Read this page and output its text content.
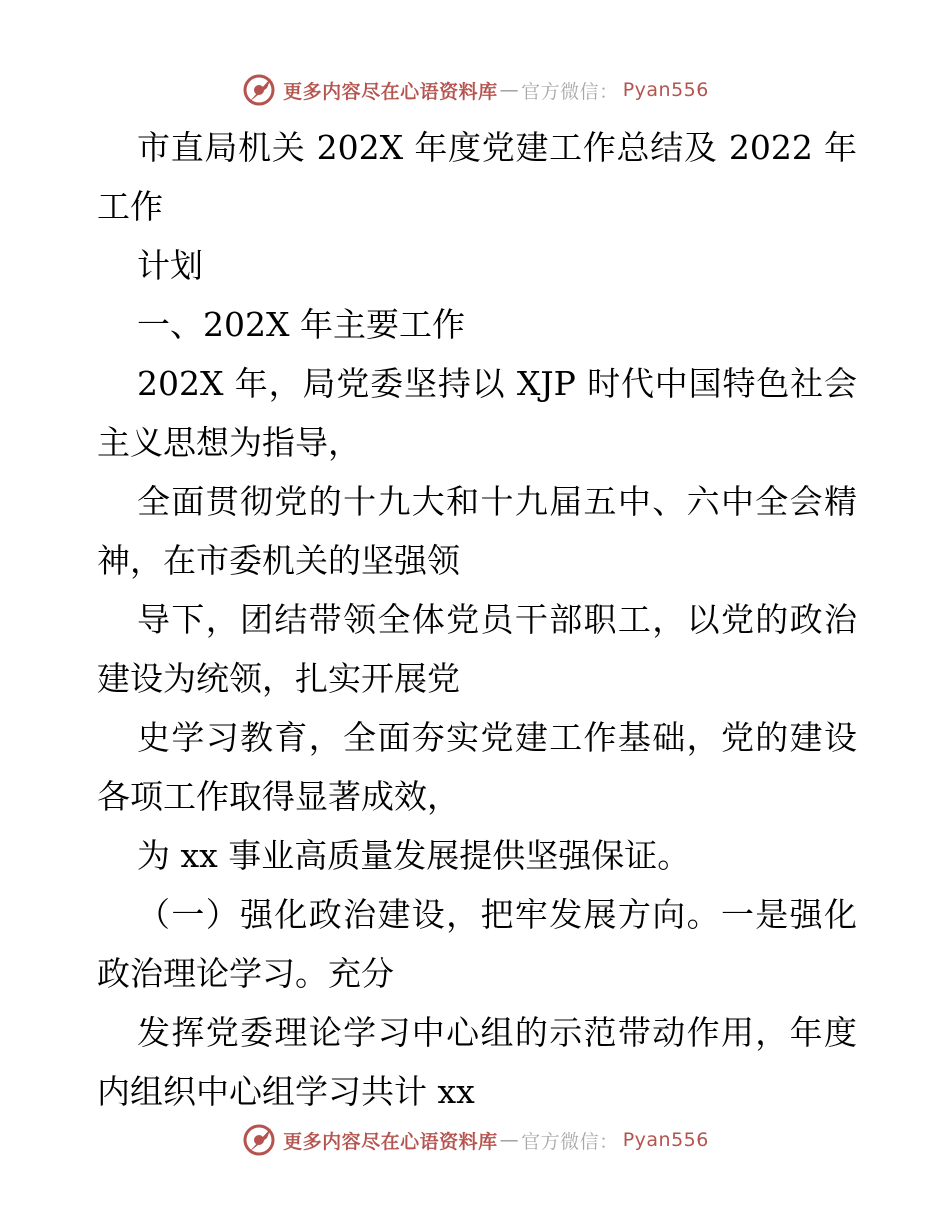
更多内容尽在心语资料库 — 官方微信： Pyan556
市直局机关 202X 年度党建工作总结及 2022 年
工作
计划
一、202X 年主要工作
202X 年，局党委坚持以 XJP 时代中国特色社会
主义思想为指导，
全面贯彻党的十九大和十九届五中、六中全会精
神，在市委机关的坚强领
导下，团结带领全体党员干部职工，以党的政治
建设为统领，扎实开展党
史学习教育，全面夯实党建工作基础，党的建设
各项工作取得显著成效，
为 xx 事业高质量发展提供坚强保证。
（一）强化政治建设，把牢发展方向。一是强化
政治理论学习。充分
发挥党委理论学习中心组的示范带动作用，年度
内组织中心组学习共计 xx
更多内容尽在心语资料库 — 官方微信： Pyan556
